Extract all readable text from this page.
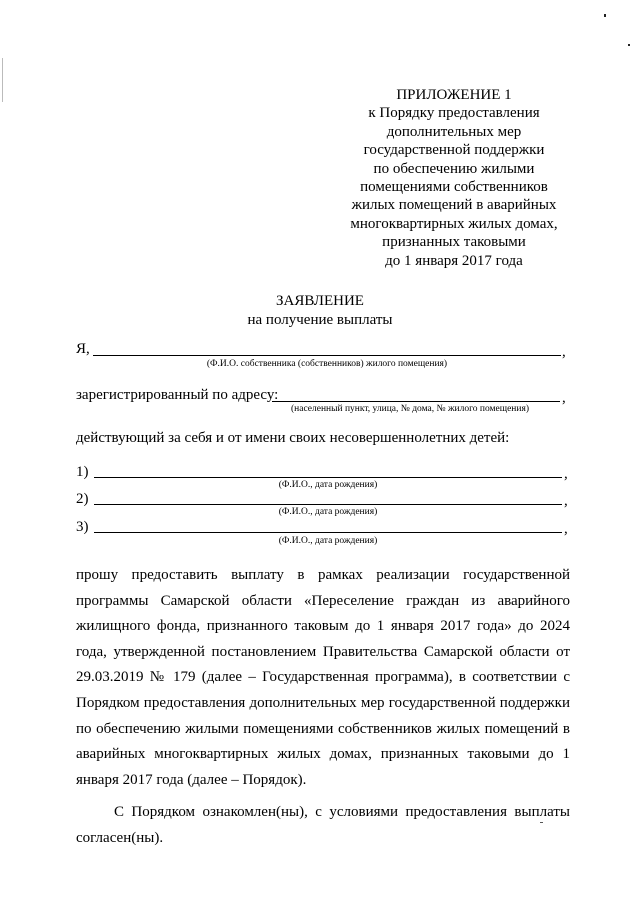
ПРИЛОЖЕНИЕ 1
к Порядку предоставления
дополнительных мер
государственной поддержки
по обеспечению жилыми
помещениями собственников
жилых помещений в аварийных
многоквартирных жилых домах,
признанных таковыми
до 1 января 2017 года
ЗАЯВЛЕНИЕ
на получение выплаты
Я,	,
(Ф.И.О. собственника (собственников) жилого помещения)
зарегистрированный по адресу:	,
(населенный пункт, улица, № дома, № жилого помещения)
действующий за себя и от имени своих несовершеннолетних детей:
1)	,
(Ф.И.О., дата рождения)
2)	,
(Ф.И.О., дата рождения)
3)	,
(Ф.И.О., дата рождения)

прошу предоставить выплату в рамках реализации государственной программы Самарской области «Переселение граждан из аварийного жилищного фонда, признанного таковым до 1 января 2017 года» до 2024 года, утвержденной постановлением Правительства Самарской области от 29.03.2019 № 179 (далее – Государственная программа), в соответствии с Порядком предоставления дополнительных мер государственной поддержки по обеспечению жилыми помещениями собственников жилых помещений в аварийных многоквартирных жилых домах, признанных таковыми до 1 января 2017 года (далее – Порядок).

С Порядком ознакомлен(ны), с условиями предоставления выплаты согласен(ны).
